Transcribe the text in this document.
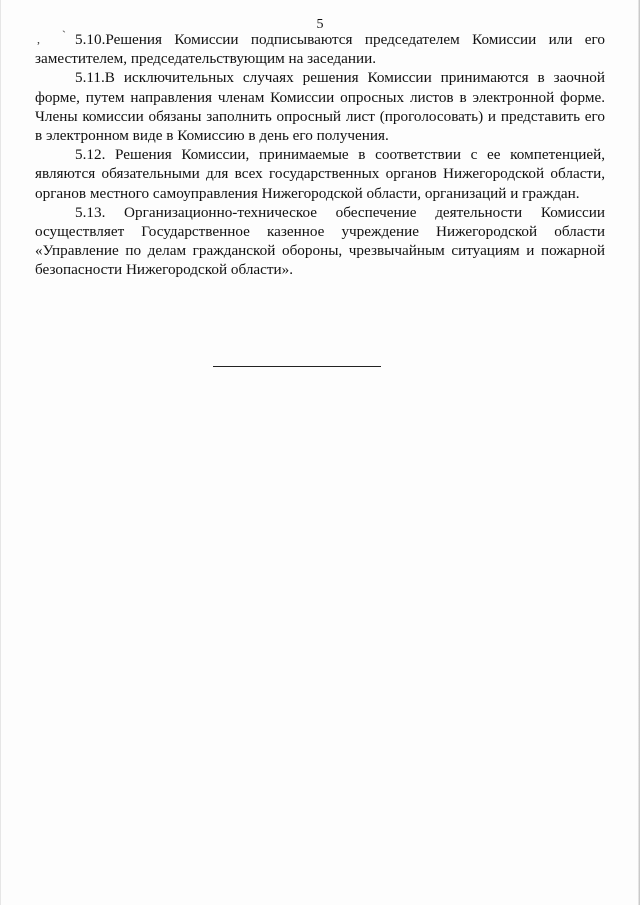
5
, ` 5.10.Решения Комиссии подписываются председателем Комиссии или его заместителем, председательствующим на заседании.

5.11.В исключительных случаях решения Комиссии принимаются в заочной форме, путем направления членам Комиссии опросных листов в электронной форме. Члены комиссии обязаны заполнить опросный лист (проголосовать) и представить его в электронном виде в Комиссию в день его получения.

5.12. Решения Комиссии, принимаемые в соответствии с ее компетенцией, являются обязательными для всех государственных органов Нижегородской области, органов местного самоуправления Нижегородской области, организаций и граждан.

5.13. Организационно-техническое обеспечение деятельности Комиссии осуществляет Государственное казенное учреждение Нижегородской области «Управление по делам гражданской обороны, чрезвычайным ситуациям и пожарной безопасности Нижегородской области».
